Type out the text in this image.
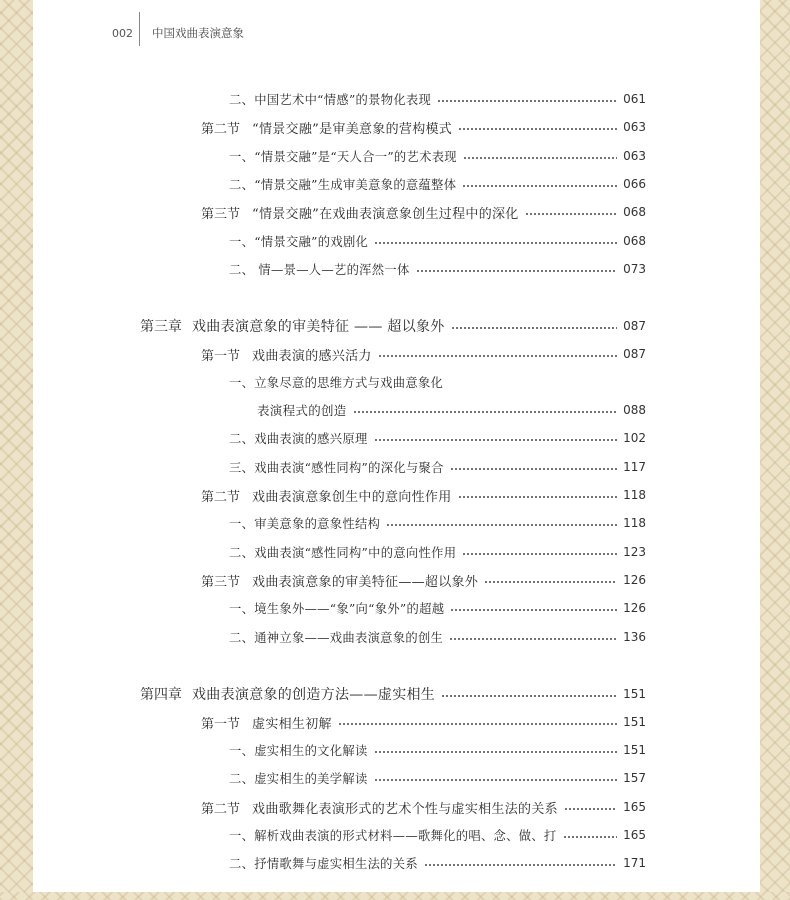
002 中国戏曲表演意象
二、中国艺术中“情感”的景物化表现	061
第二节 “情景交融”是审美意象的营构模式	063
一、“情景交融”是“天人合一”的艺术表现	063
二、“情景交融”生成审美意象的意蕴整体	066
第三节 “情景交融”在戏曲表演意象创生过程中的深化	068
一、“情景交融”的戏剧化	068
二、 情—景—人—艺的浑然一体	073
第三章 戏曲表演意象的审美特征 —— 超以象外	087
第一节 戏曲表演的感兴活力	087
一、立象尽意的思维方式与戏曲意象化
表演程式的创造	088
二、戏曲表演的感兴原理	102
三、戏曲表演“感性同构”的深化与聚合	117
第二节 戏曲表演意象创生中的意向性作用	118
一、审美意象的意象性结构	118
二、戏曲表演“感性同构”中的意向性作用	123
第三节 戏曲表演意象的审美特征——超以象外	126
一、境生象外——“象”向“象外”的超越	126
二、通神立象——戏曲表演意象的创生	136
第四章 戏曲表演意象的创造方法——虚实相生	151
第一节 虚实相生初解	151
一、虚实相生的文化解读	151
二、虚实相生的美学解读	157
第二节 戏曲歌舞化表演形式的艺术个性与虚实相生法的关系	165
一、解析戏曲表演的形式材料——歌舞化的唱、念、做、打	165
二、抒情歌舞与虚实相生法的关系	171
